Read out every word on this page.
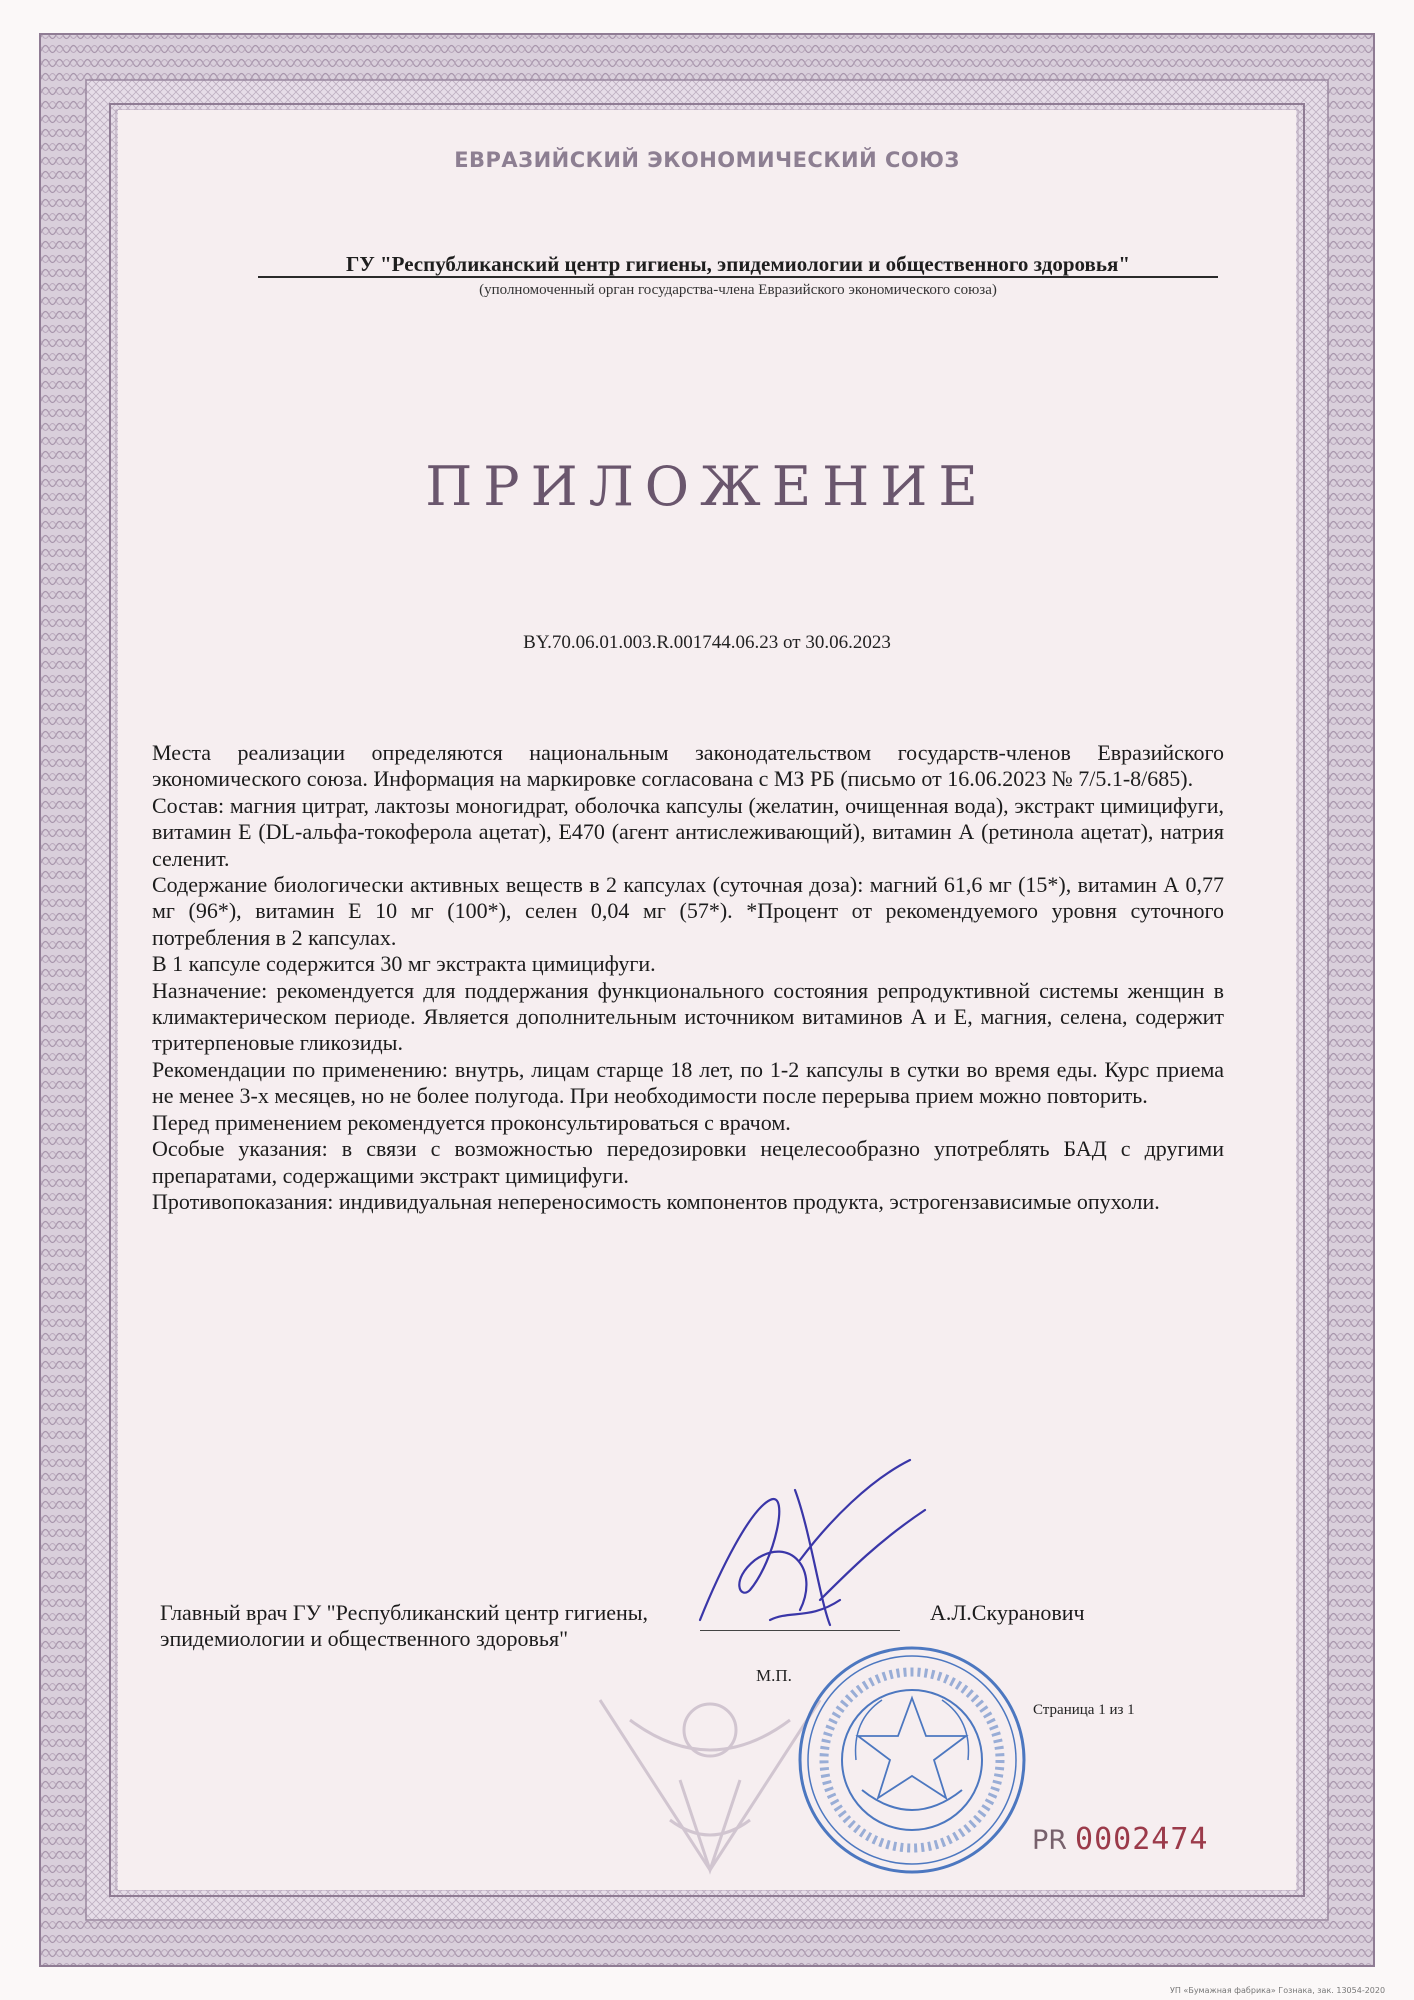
ЕВРАЗИЙСКИЙ ЭКОНОМИЧЕСКИЙ СОЮЗ
ГУ "Республиканский центр гигиены, эпидемиологии и общественного здоровья"
(уполномоченный орган государства-члена Евразийского экономического союза)
ПРИЛОЖЕНИЕ
BY.70.06.01.003.R.001744.06.23 от 30.06.2023

Места реализации определяются национальным законодательством государств-членов Евразийского экономического союза. Информация на маркировке согласована с МЗ РБ (письмо от 16.06.2023 № 7/5.1-8/685).

Состав: магния цитрат, лактозы моногидрат, оболочка капсулы (желатин, очищенная вода), экстракт цимицифуги, витамин Е (DL-альфа-токоферола ацетат), Е470 (агент антислеживающий), витамин А (ретинола ацетат), натрия селенит.

Содержание биологически активных веществ в 2 капсулах (суточная доза): магний 61,6 мг (15*), витамин А 0,77 мг (96*), витамин Е 10 мг (100*), селен 0,04 мг (57*). *Процент от рекомендуемого уровня суточного потребления в 2 капсулах.

В 1 капсуле содержится 30 мг экстракта цимицифуги.

Назначение: рекомендуется для поддержания функционального состояния репродуктивной системы женщин в климактерическом периоде. Является дополнительным источником витаминов А и Е, магния, селена, содержит тритерпеновые гликозиды.

Рекомендации по применению: внутрь, лицам старще 18 лет, по 1-2 капсулы в сутки во время еды. Курс приема не менее 3-х месяцев, но не более полугода. При необходимости после перерыва прием можно повторить.

Перед применением рекомендуется проконсультироваться с врачом.

Особые указания: в связи с возможностью передозировки нецелесообразно употреблять БАД с другими препаратами, содержащими экстракт цимицифуги.

Противопоказания: индивидуальная непереносимость компонентов продукта, эстрогензависимые опухоли.

Главный врач ГУ "Республиканский центр гигиены, эпидемиологии и общественного здоровья"
А.Л.Скуранович
М.П.
Страница 1 из 1
PR 0002474
УП «Бумажная фабрика» Гознака, зак. 13054-2020
